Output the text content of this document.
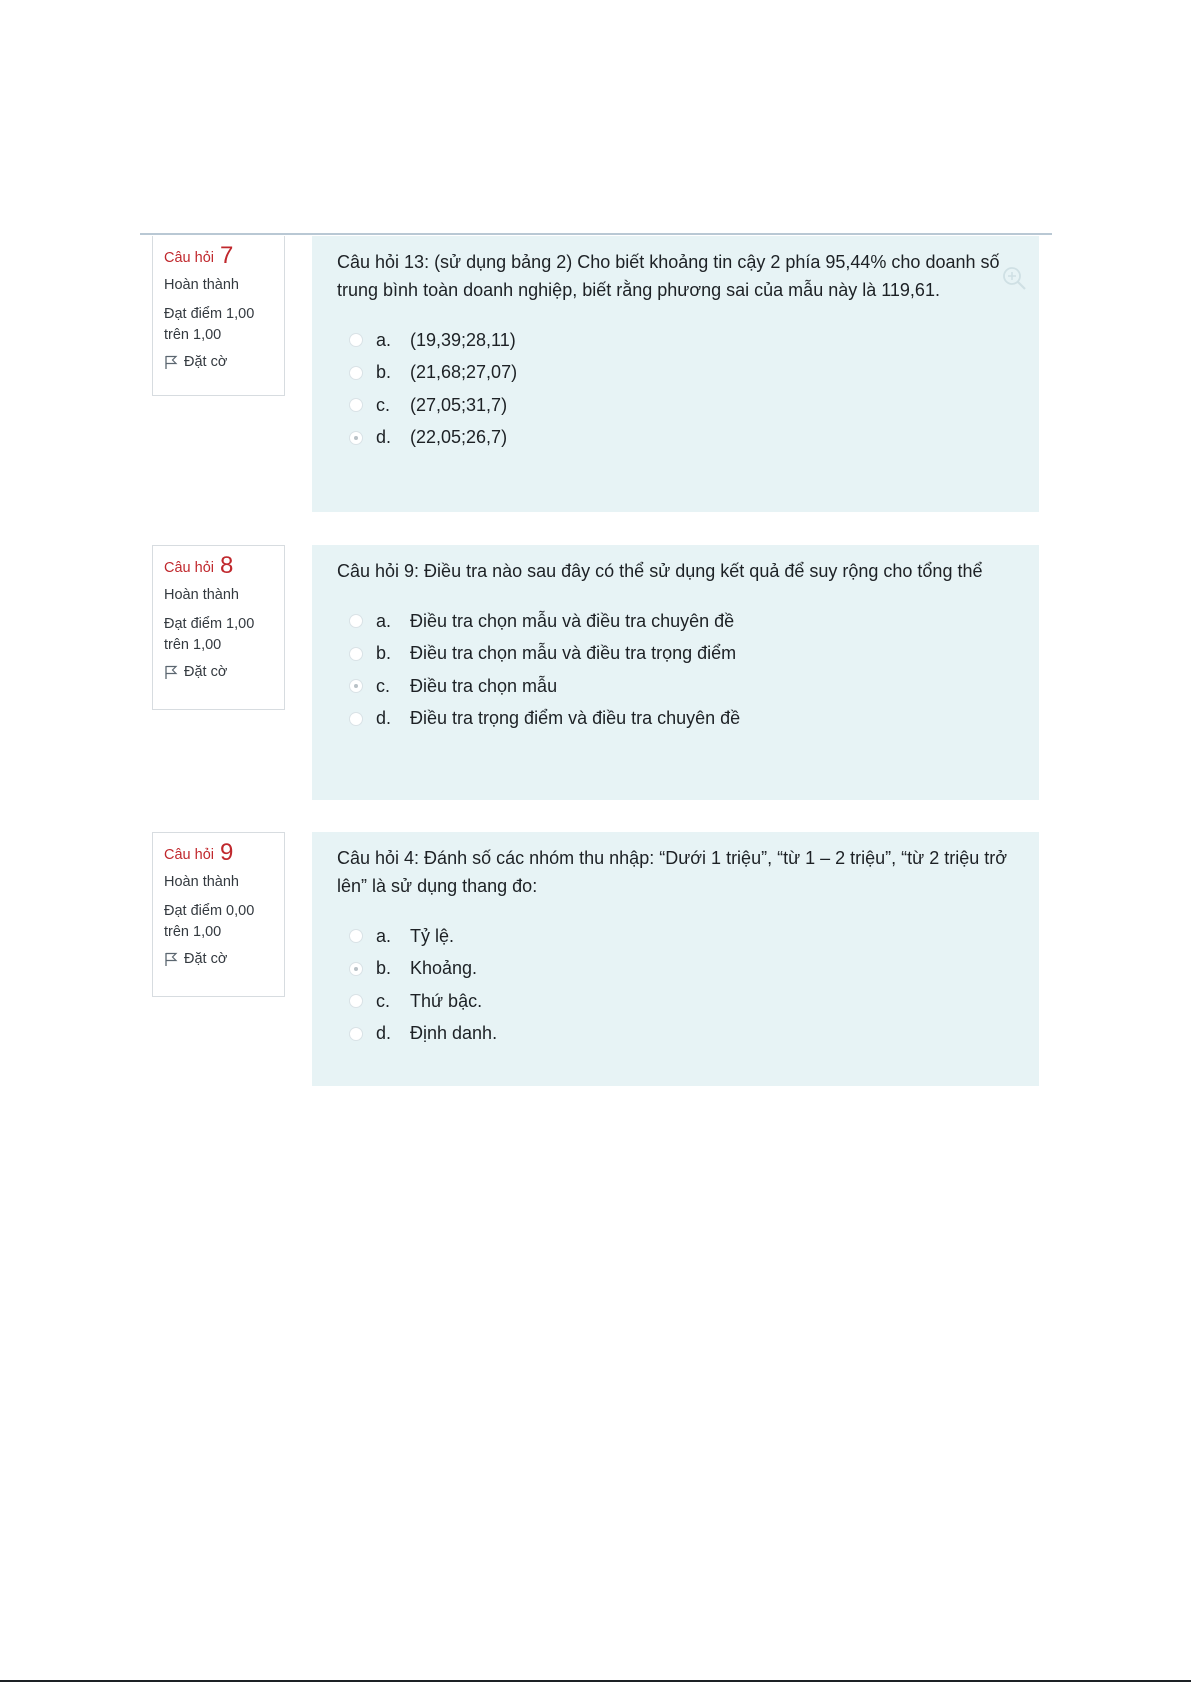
Câu hỏi 7
Hoàn thành
Đạt điểm 1,00
trên 1,00
Đặt cờ
Câu hỏi 13: (sử dụng bảng 2) Cho biết khoảng tin cậy 2 phía 95,44% cho doanh số trung bình toàn doanh nghiệp, biết rằng phương sai của mẫu này là 119,61.
a.	(19,39;28,11)
b.	(21,68;27,07)
c.	(27,05;31,7)
d.	(22,05;26,7)
Câu hỏi 8
Hoàn thành
Đạt điểm 1,00
trên 1,00
Đặt cờ
Câu hỏi 9: Điều tra nào sau đây có thể sử dụng kết quả để suy rộng cho tổng thể
a.	Điều tra chọn mẫu và điều tra chuyên đề
b.	Điều tra chọn mẫu và điều tra trọng điểm
c.	Điều tra chọn mẫu
d.	Điều tra trọng điểm và điều tra chuyên đề
Câu hỏi 9
Hoàn thành
Đạt điểm 0,00
trên 1,00
Đặt cờ
Câu hỏi 4: Đánh số các nhóm thu nhập: “Dưới 1 triệu”, “từ 1 – 2 triệu”, “từ 2 triệu trở lên” là sử dụng thang đo:
a.	Tỷ lệ.
b.	Khoảng.
c.	Thứ bậc.
d.	Định danh.
